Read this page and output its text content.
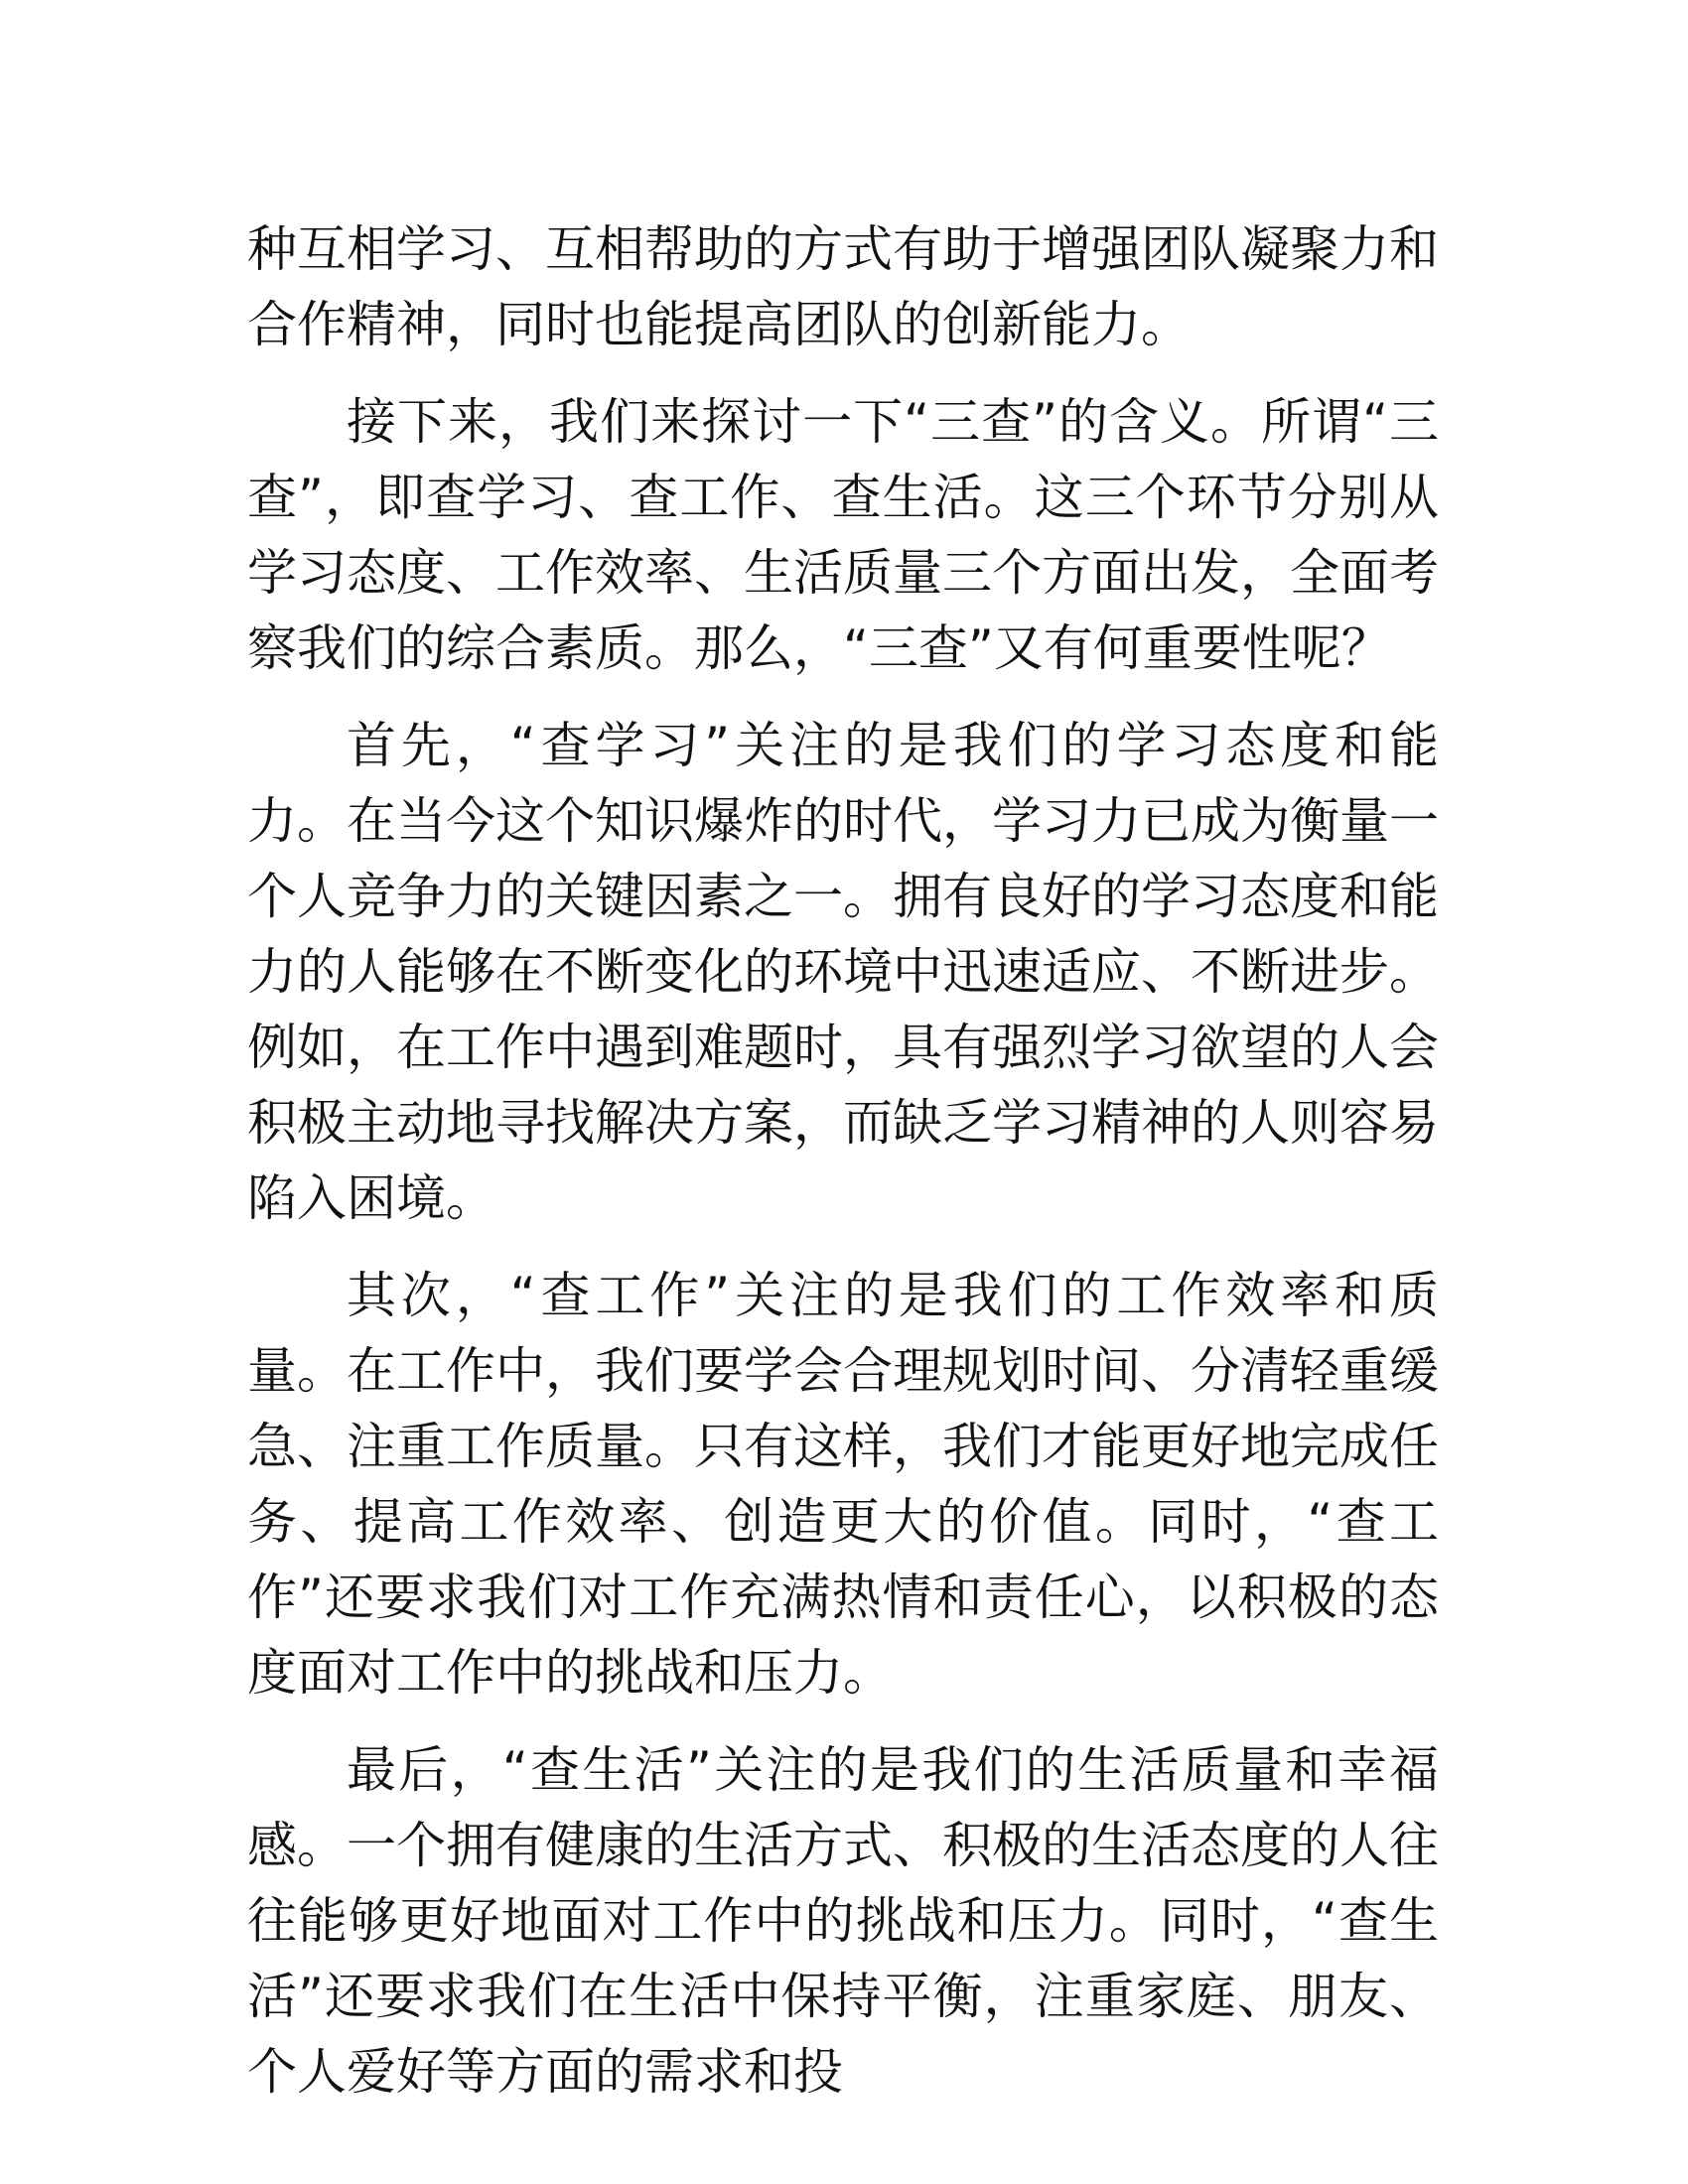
种互相学习、互相帮助的方式有助于增强团队凝聚力和合作精神，同时也能提高团队的创新能力。

接下来，我们来探讨一下“三查”的含义。所谓“三查”，即查学习、查工作、查生活。这三个环节分别从学习态度、工作效率、生活质量三个方面出发，全面考察我们的综合素质。那么，“三查”又有何重要性呢？

首先，“查学习”关注的是我们的学习态度和能力。在当今这个知识爆炸的时代，学习力已成为衡量一个人竞争力的关键因素之一。拥有良好的学习态度和能力的人能够在不断变化的环境中迅速适应、不断进步。例如，在工作中遇到难题时，具有强烈学习欲望的人会积极主动地寻找解决方案，而缺乏学习精神的人则容易陷入困境。

其次，“查工作”关注的是我们的工作效率和质量。在工作中，我们要学会合理规划时间、分清轻重缓急、注重工作质量。只有这样，我们才能更好地完成任务、提高工作效率、创造更大的价值。同时，“查工作”还要求我们对工作充满热情和责任心，以积极的态度面对工作中的挑战和压力。

最后，“查生活”关注的是我们的生活质量和幸福感。一个拥有健康的生活方式、积极的生活态度的人往往能够更好地面对工作中的挑战和压力。同时，“查生活”还要求我们在生活中保持平衡，注重家庭、朋友、个人爱好等方面的需求和投
